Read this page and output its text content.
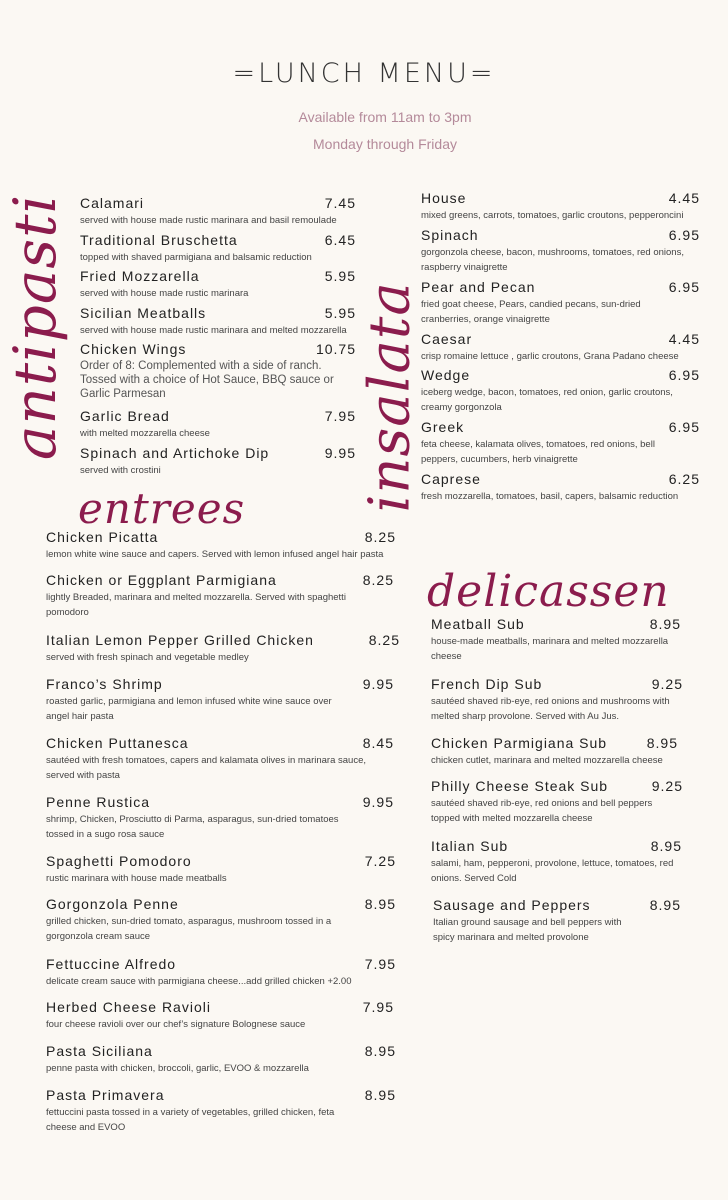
=LUNCH MENU=
Available from 11am to 3pm
Monday through Friday
antipasti	insalata
entrees
delicassen
Calamari	7.45
served with house made rustic marinara and basil remoulade
Traditional Bruschetta	6.45
topped with shaved parmigiana and balsamic reduction
Fried Mozzarella	5.95
served with house made rustic marinara
Sicilian Meatballs	5.95
served with house made rustic marinara and melted mozzarella
Chicken Wings	10.75
Order of 8: Complemented with a side of ranch. Tossed with a choice of Hot Sauce, BBQ sauce or Garlic Parmesan
Garlic Bread	7.95
with melted mozzarella cheese
Spinach and Artichoke Dip	9.95
served with crostini
House	4.45
mixed greens, carrots, tomatoes, garlic croutons, pepperoncini
Spinach	6.95
gorgonzola cheese, bacon, mushrooms, tomatoes, red onions, raspberry vinaigrette
Pear and Pecan	6.95
fried goat cheese, Pears, candied pecans, sun-dried cranberries, orange vinaigrette
Caesar	4.45
crisp romaine lettuce , garlic croutons, Grana Padano cheese
Wedge	6.95
iceberg wedge, bacon, tomatoes, red onion, garlic croutons, creamy gorgonzola
Greek	6.95
feta cheese, kalamata olives, tomatoes, red onions, bell peppers, cucumbers, herb vinaigrette
Caprese	6.25
fresh mozzarella, tomatoes, basil, capers, balsamic reduction
Chicken Picatta	8.25
lemon white wine sauce and capers. Served with lemon infused angel hair pasta
Chicken or Eggplant Parmigiana	8.25
lightly Breaded, marinara and melted mozzarella. Served with spaghetti pomodoro
Italian Lemon Pepper Grilled Chicken	8.25
served with fresh spinach and vegetable medley
Franco’s Shrimp	9.95
roasted garlic, parmigiana and lemon infused white wine sauce over angel hair pasta
Chicken Puttanesca	8.45
sautéed with fresh tomatoes, capers and kalamata olives in marinara sauce, served with pasta
Penne Rustica	9.95
shrimp, Chicken, Prosciutto di Parma, asparagus, sun-dried tomatoes tossed in a sugo rosa sauce
Spaghetti Pomodoro	7.25
rustic marinara with house made meatballs
Gorgonzola Penne	8.95
grilled chicken, sun-dried tomato, asparagus, mushroom tossed in a gorgonzola cream sauce
Fettuccine Alfredo	7.95
delicate cream sauce with parmigiana cheese...add grilled chicken +2.00
Herbed Cheese Ravioli	7.95
four cheese ravioli over our chef’s signature Bolognese sauce
Pasta Siciliana	8.95
penne pasta with chicken, broccoli, garlic, EVOO & mozzarella
Pasta Primavera	8.95
fettuccini pasta tossed in a variety of vegetables, grilled chicken, feta cheese and EVOO
Meatball Sub	8.95
house-made meatballs, marinara and melted mozzarella cheese
French Dip Sub	9.25
sautéed shaved rib-eye, red onions and mushrooms with melted sharp provolone. Served with Au Jus.
Chicken Parmigiana Sub	8.95
chicken cutlet, marinara and melted mozzarella cheese
Philly Cheese Steak Sub	9.25
sautéed shaved rib-eye, red onions and bell peppers topped with melted mozzarella cheese
Italian Sub	8.95
salami, ham, pepperoni, provolone, lettuce, tomatoes, red onions. Served Cold
Sausage and Peppers	8.95
Italian ground sausage and bell peppers with spicy marinara and melted provolone
